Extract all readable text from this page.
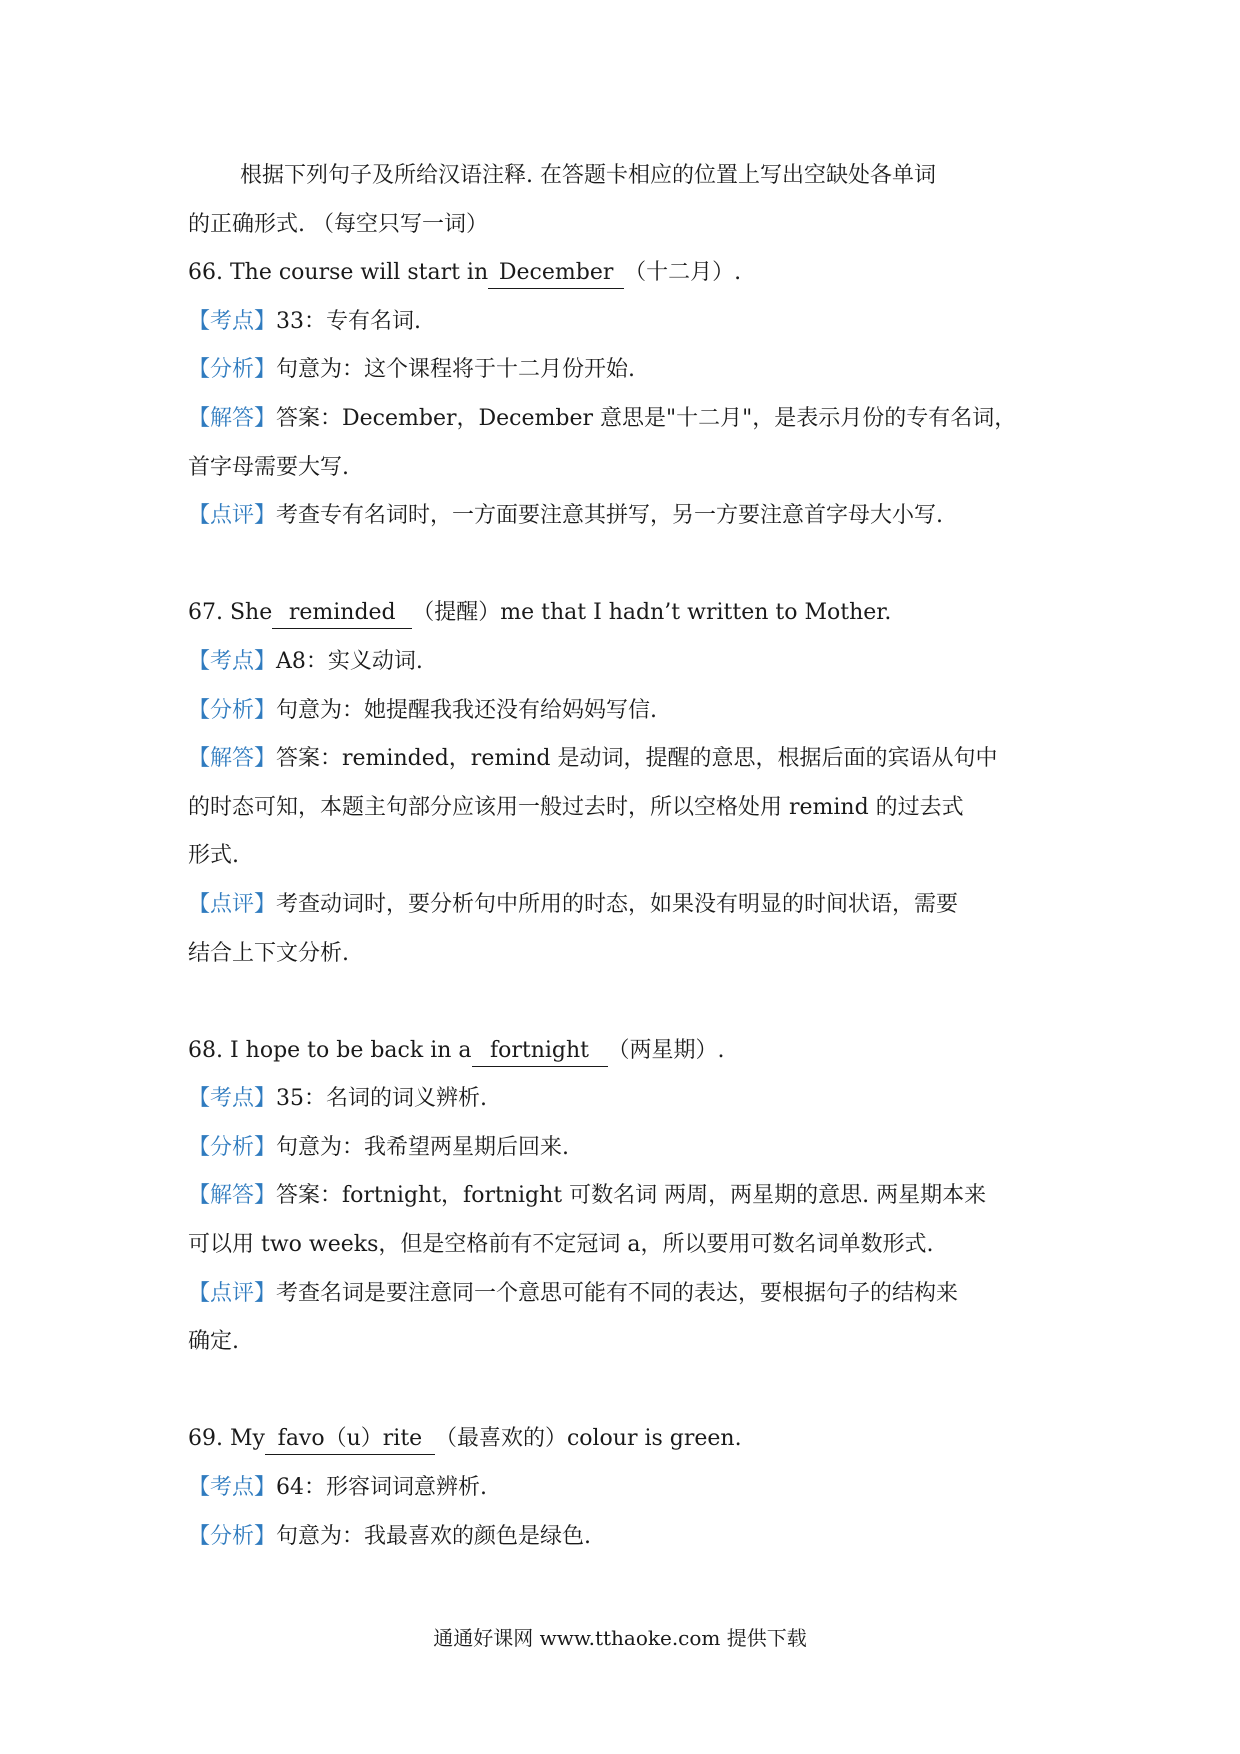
根据下列句子及所给汉语注释. 在答题卡相应的位置上写出空缺处各单词
的正确形式. （每空只写一词）
66. The course will start in December （十二月）.
【考点】33：专有名词.
【分析】句意为：这个课程将于十二月份开始.
【解答】答案：December，December 意思是"十二月"，是表示月份的专有名词，
首字母需要大写.
【点评】考查专有名词时，一方面要注意其拼写，另一方要注意首字母大小写.
67. She reminded （提醒）me that I hadn’t written to Mother.
【考点】A8：实义动词.
【分析】句意为：她提醒我我还没有给妈妈写信.
【解答】答案：reminded，remind 是动词，提醒的意思，根据后面的宾语从句中
的时态可知，本题主句部分应该用一般过去时，所以空格处用 remind 的过去式
形式.
【点评】考查动词时，要分析句中所用的时态，如果没有明显的时间状语，需要
结合上下文分析.
68. I hope to be back in a fortnight （两星期）.
【考点】35：名词的词义辨析.
【分析】句意为：我希望两星期后回来.
【解答】答案：fortnight，fortnight 可数名词 两周，两星期的意思. 两星期本来
可以用 two weeks，但是空格前有不定冠词 a，所以要用可数名词单数形式.
【点评】考查名词是要注意同一个意思可能有不同的表达，要根据句子的结构来
确定.
69. My favo（u）rite （最喜欢的）colour is green.
【考点】64：形容词词意辨析.
【分析】句意为：我最喜欢的颜色是绿色.
通通好课网 www.tthaoke.com 提供下载
